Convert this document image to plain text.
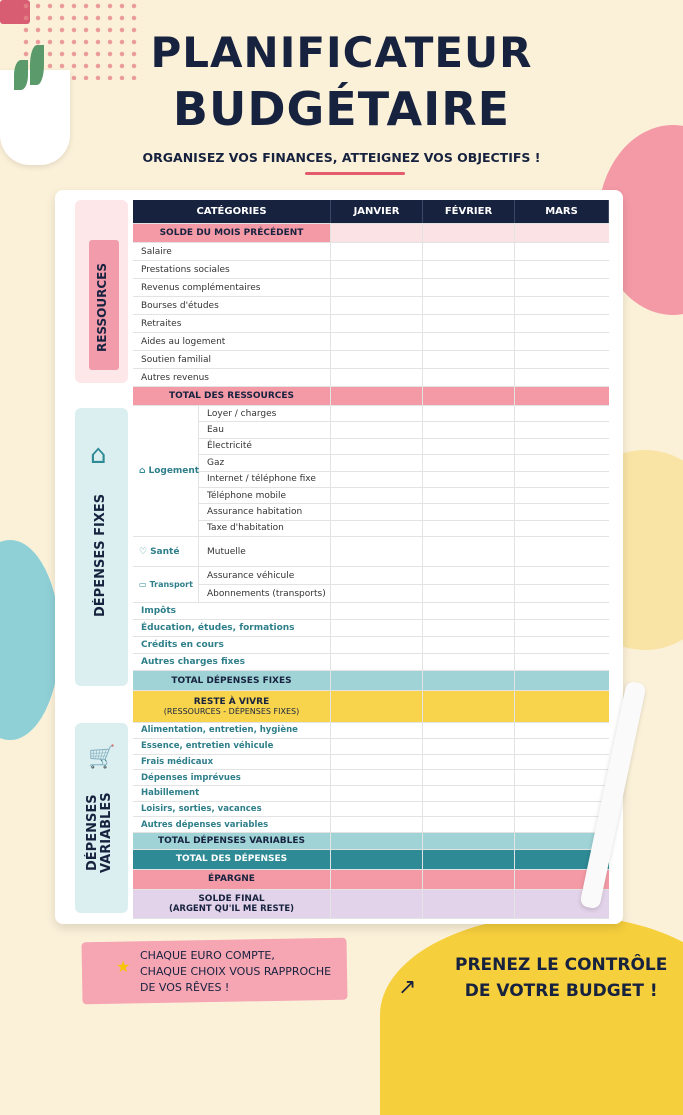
PLANIFICATEUR
BUDGÉTAIRE
ORGANISEZ VOS FINANCES, ATTEIGNEZ VOS OBJECTIFS !
RESSOURCES
⌂
DÉPENSES FIXES
🛒
DÉPENSES VARIABLES
CATÉGORIES	JANVIER	FÉVRIER	MARS
SOLDE DU MOIS PRÉCÉDENT
Salaire
Prestations sociales
Revenus complémentaires
Bourses d'études
Retraites
Aides au logement
Soutien familial
Autres revenus
TOTAL DES RESSOURCES
⌂ Logement
Loyer / charges
Eau
Électricité
Gaz
Internet / téléphone fixe
Téléphone mobile
Assurance habitation
Taxe d'habitation
♡ Santé	Mutuelle
▭ Transport
Assurance véhicule
Abonnements (transports)
Impôts
Éducation, études, formations
Crédits en cours
Autres charges fixes
TOTAL DÉPENSES FIXES
RESTE À VIVRE
(RESSOURCES - DÉPENSES FIXES)
Alimentation, entretien, hygiène
Essence, entretien véhicule
Frais médicaux
Dépenses imprévues
Habillement
Loisirs, sorties, vacances
Autres dépenses variables
TOTAL DÉPENSES VARIABLES
TOTAL DES DÉPENSES
ÉPARGNE
SOLDE FINAL
(ARGENT QU'IL ME RESTE)
★
CHAQUE EURO COMPTE,
CHAQUE CHOIX VOUS RAPPROCHE
DE VOS RÊVES !
PRENEZ LE CONTRÔLE
DE VOTRE BUDGET !
↗
